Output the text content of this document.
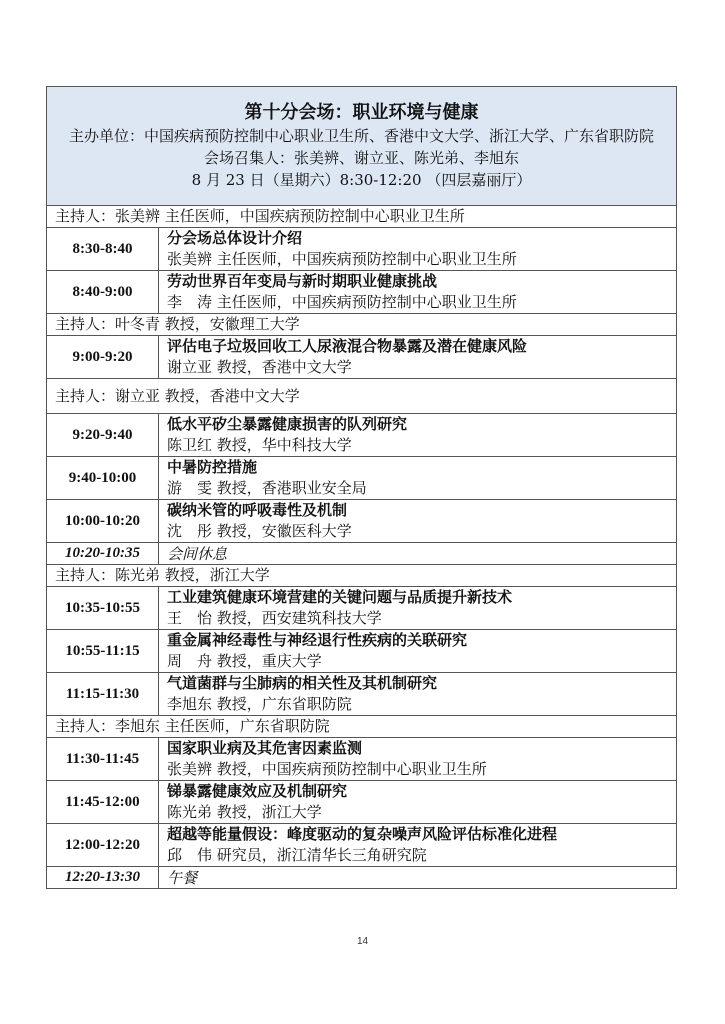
第十分会场：职业环境与健康
主办单位：中国疾病预防控制中心职业卫生所、香港中文大学、浙江大学、广东省职防院
会场召集人：张美辨、谢立亚、陈光弟、李旭东
8 月 23 日（星期六）8:30-12:20 （四层嘉丽厅）	

主持人：张美辨 主任医师，中国疾病预防控制中心职业卫生所	
8:30-8:40	分会场总体设计介绍
张美辨 主任医师，中国疾病预防控制中心职业卫生所

8:40-9:00	劳动世界百年变局与新时期职业健康挑战
李　涛 主任医师，中国疾病预防控制中心职业卫生所

主持人：叶冬青 教授，安徽理工大学	
9:00-9:20	评估电子垃圾回收工人尿液混合物暴露及潜在健康风险
谢立亚 教授，香港中文大学

主持人：谢立亚 教授，香港中文大学	
9:20-9:40	低水平矽尘暴露健康损害的队列研究
陈卫红 教授，华中科技大学

9:40-10:00	中暑防控措施
游　雯 教授，香港职业安全局

10:00-10:20	碳纳米管的呼吸毒性及机制
沈　彤 教授，安徽医科大学

10:20-10:35	会间休息
主持人：陈光弟 教授，浙江大学	
10:35-10:55	工业建筑健康环境营建的关键问题与品质提升新技术
王　怡 教授，西安建筑科技大学

10:55-11:15	重金属神经毒性与神经退行性疾病的关联研究
周　舟 教授，重庆大学

11:15-11:30	气道菌群与尘肺病的相关性及其机制研究
李旭东 教授，广东省职防院

主持人：李旭东 主任医师，广东省职防院	
11:30-11:45	国家职业病及其危害因素监测
张美辨 教授，中国疾病预防控制中心职业卫生所

11:45-12:00	锑暴露健康效应及机制研究
陈光弟 教授，浙江大学

12:00-12:20	超越等能量假设：峰度驱动的复杂噪声风险评估标准化进程
邱　伟 研究员，浙江清华长三角研究院

12:20-13:30	午餐
14
